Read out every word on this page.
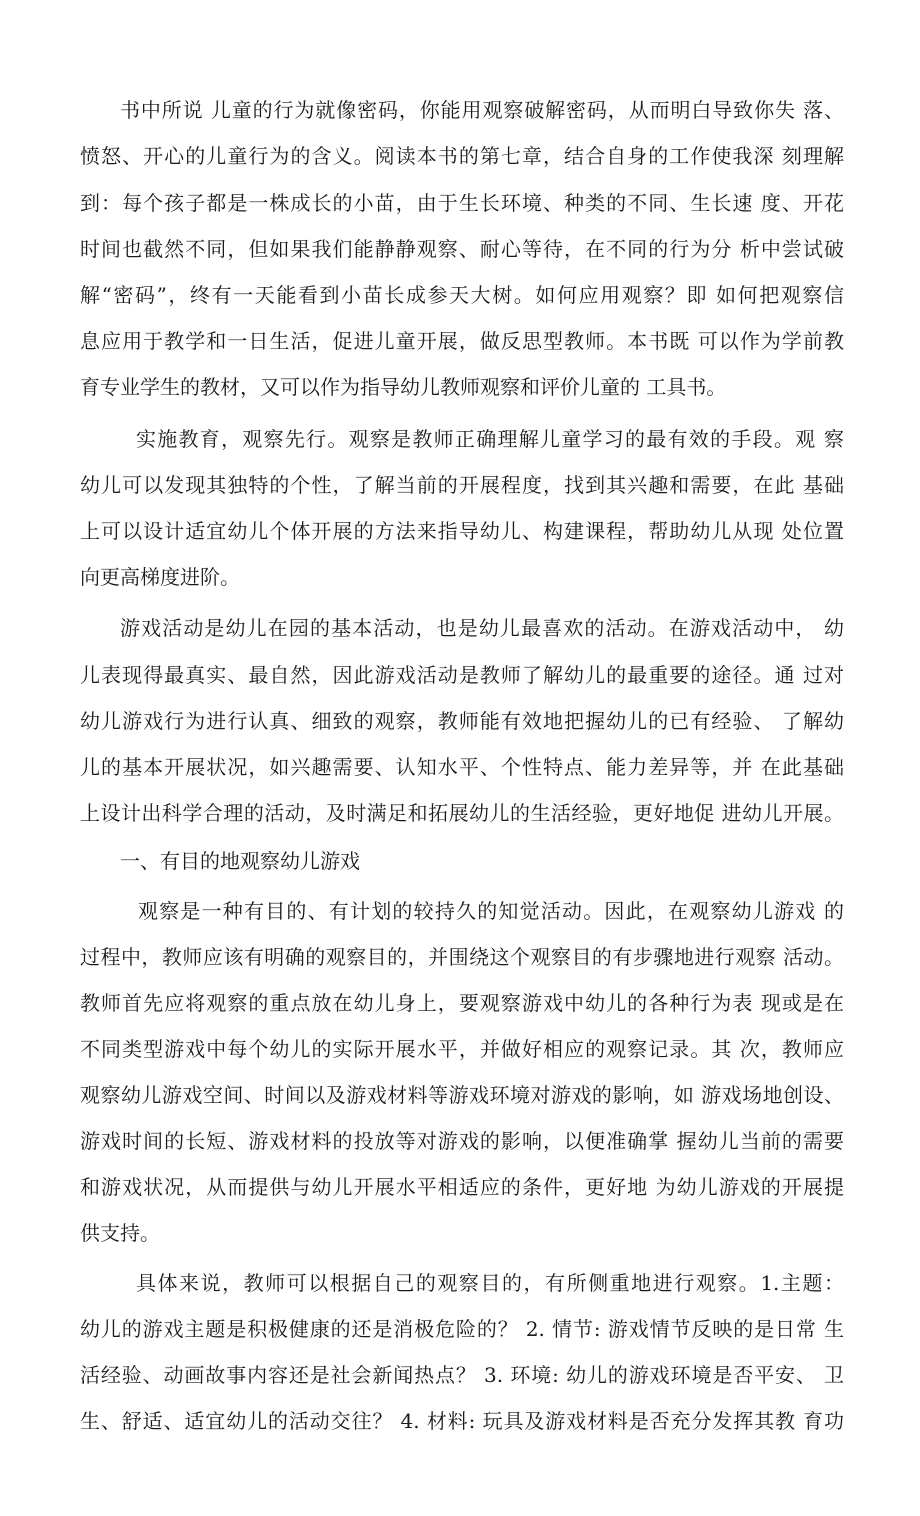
书中所说 儿童的行为就像密码，你能用观察破解密码，从而明白导致你失 落、
愤怒、开心的儿童行为的含义。阅读本书的第七章，结合自身的工作使我深 刻理解
到：每个孩子都是一株成长的小苗，由于生长环境、种类的不同、生长速 度、开花
时间也截然不同，但如果我们能静静观察、耐心等待，在不同的行为分 析中尝试破
解“密码”，终有一天能看到小苗长成参天大树。如何应用观察？即 如何把观察信
息应用于教学和一日生活，促进儿童开展，做反思型教师。本书既 可以作为学前教
育专业学生的教材，又可以作为指导幼儿教师观察和评价儿童的 工具书。
实施教育，观察先行。观察是教师正确理解儿童学习的最有效的手段。观 察
幼儿可以发现其独特的个性，了解当前的开展程度，找到其兴趣和需要，在此 基础
上可以设计适宜幼儿个体开展的方法来指导幼儿、构建课程，帮助幼儿从现 处位置
向更高梯度进阶。
游戏活动是幼儿在园的基本活动，也是幼儿最喜欢的活动。在游戏活动中， 幼
儿表现得最真实、最自然，因此游戏活动是教师了解幼儿的最重要的途径。通 过对
幼儿游戏行为进行认真、细致的观察，教师能有效地把握幼儿的已有经验、 了解幼
儿的基本开展状况，如兴趣需要、认知水平、个性特点、能力差异等，并 在此基础
上设计出科学合理的活动，及时满足和拓展幼儿的生活经验，更好地促 进幼儿开展。
一、有目的地观察幼儿游戏
观察是一种有目的、有计划的较持久的知觉活动。因此，在观察幼儿游戏 的
过程中，教师应该有明确的观察目的，并围绕这个观察目的有步骤地进行观察 活动。
教师首先应将观察的重点放在幼儿身上，要观察游戏中幼儿的各种行为表 现或是在
不同类型游戏中每个幼儿的实际开展水平，并做好相应的观察记录。其 次，教师应
观察幼儿游戏空间、时间以及游戏材料等游戏环境对游戏的影响，如 游戏场地创设、
游戏时间的长短、游戏材料的投放等对游戏的影响，以便准确掌 握幼儿当前的需要
和游戏状况，从而提供与幼儿开展水平相适应的条件，更好地 为幼儿游戏的开展提
供支持。
具体来说，教师可以根据自己的观察目的，有所侧重地进行观察。1.主题：
幼儿的游戏主题是积极健康的还是消极危险的？ 2. 情节: 游戏情节反映的是日常 生
活经验、动画故事内容还是社会新闻热点？ 3. 环境: 幼儿的游戏环境是否平安、 卫
生、舒适、适宜幼儿的活动交往？ 4. 材料: 玩具及游戏材料是否充分发挥其教 育功
